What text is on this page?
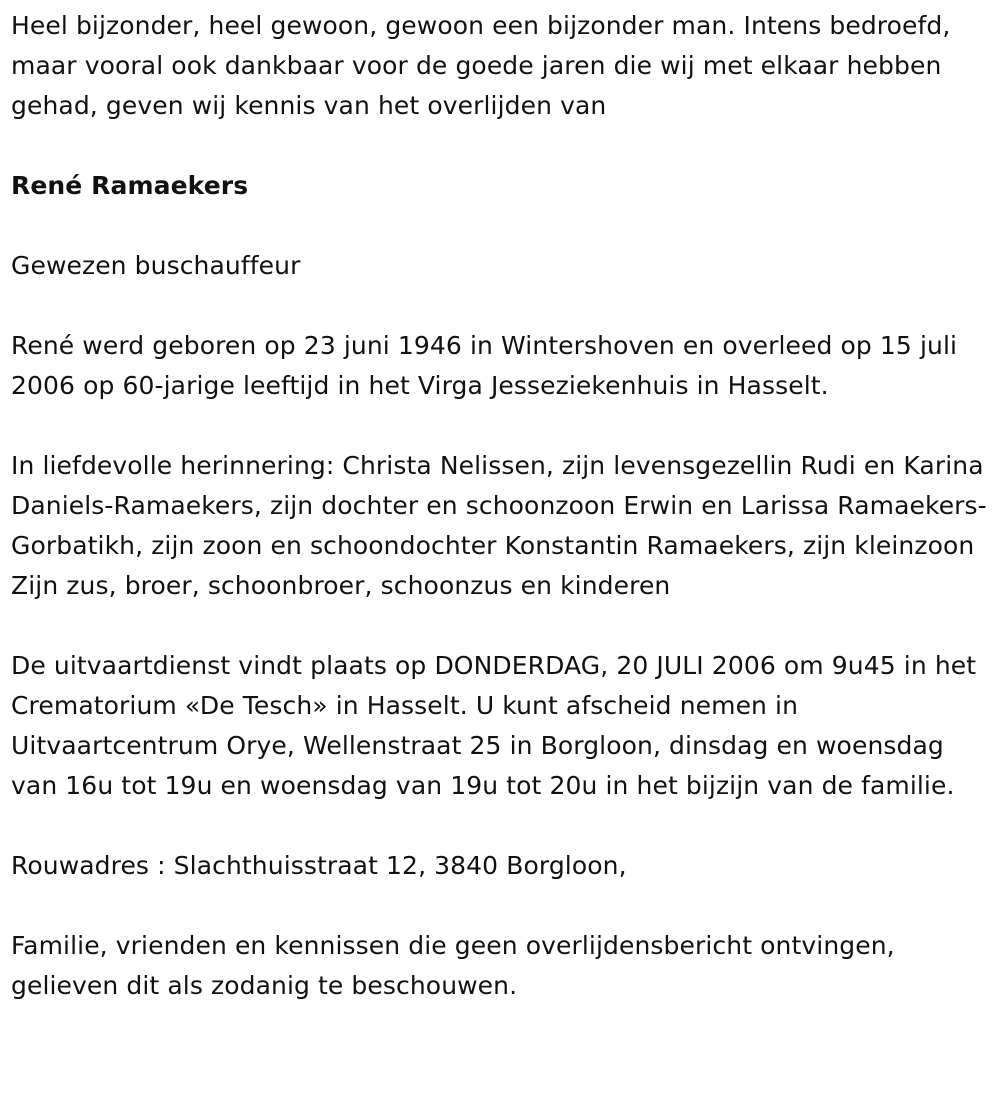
Heel bijzonder, heel gewoon, gewoon een bijzonder man. Intens bedroefd, maar vooral ook dankbaar voor de goede jaren die wij met elkaar hebben gehad, geven wij kennis van het overlijden van

René Ramaekers

Gewezen buschauffeur

René werd geboren op 23 juni 1946 in Wintershoven en overleed op 15 juli 2006 op 60-jarige leeftijd in het Virga Jesseziekenhuis in Hasselt.

In liefdevolle herinnering: Christa Nelissen, zijn levensgezellin Rudi en Karina Daniels-Ramaekers, zijn dochter en schoonzoon Erwin en Larissa Ramaekers-Gorbatikh, zijn zoon en schoondochter Konstantin Ramaekers, zijn kleinzoon Zijn zus, broer, schoonbroer, schoonzus en kinderen

De uitvaartdienst vindt plaats op DONDERDAG, 20 JULI 2006 om 9u45 in het Crematorium «De Tesch» in Hasselt. U kunt afscheid nemen in Uitvaartcentrum Orye, Wellenstraat 25 in Borgloon, dinsdag en woensdag van 16u tot 19u en woensdag van 19u tot 20u in het bijzijn van de familie.

Rouwadres : Slachthuisstraat 12, 3840 Borgloon,

Familie, vrienden en kennissen die geen overlijdensbericht ontvingen, gelieven dit als zodanig te beschouwen.
